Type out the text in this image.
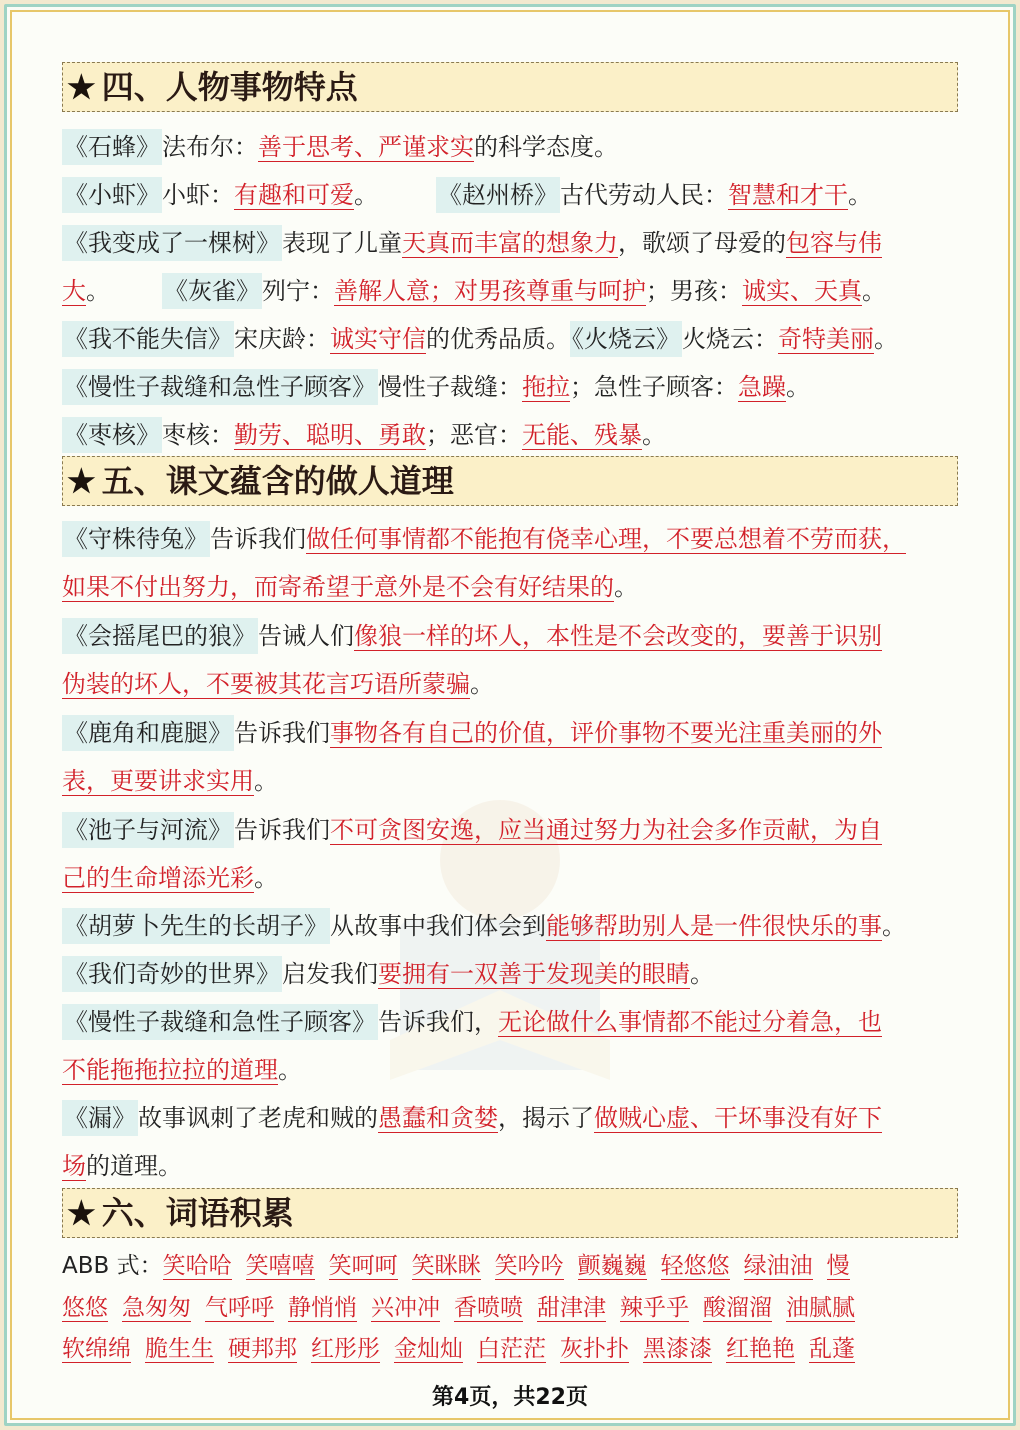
★ 四、人物事物特点
《石蜂》法布尔：善于思考、严谨求实的科学态度。
《小虾》小虾：有趣和可爱。	《赵州桥》古代劳动人民：智慧和才干。
《我变成了一棵树》表现了儿童天真而丰富的想象力，歌颂了母爱的包容与伟
大。 《灰雀》列宁：善解人意；对男孩尊重与呵护；男孩：诚实、天真。
《我不能失信》宋庆龄：诚实守信的优秀品质。《火烧云》火烧云：奇特美丽。
《慢性子裁缝和急性子顾客》慢性子裁缝：拖拉；急性子顾客：急躁。
《枣核》枣核：勤劳、聪明、勇敢；恶官：无能、残暴。
★ 五、课文蕴含的做人道理
《守株待兔》告诉我们做任何事情都不能抱有侥幸心理，不要总想着不劳而获，
如果不付出努力，而寄希望于意外是不会有好结果的。
《会摇尾巴的狼》告诫人们像狼一样的坏人，本性是不会改变的，要善于识别
伪装的坏人，不要被其花言巧语所蒙骗。
《鹿角和鹿腿》告诉我们事物各有自己的价值，评价事物不要光注重美丽的外
表，更要讲求实用。
《池子与河流》告诉我们不可贪图安逸，应当通过努力为社会多作贡献，为自
己的生命增添光彩。
《胡萝卜先生的长胡子》从故事中我们体会到能够帮助别人是一件很快乐的事。
《我们奇妙的世界》启发我们要拥有一双善于发现美的眼睛。
《慢性子裁缝和急性子顾客》告诉我们，无论做什么事情都不能过分着急，也
不能拖拖拉拉的道理。
《漏》故事讽刺了老虎和贼的愚蠢和贪婪，揭示了做贼心虚、干坏事没有好下
场的道理。
★ 六、词语积累
ABB 式：笑哈哈 笑嘻嘻 笑呵呵 笑眯眯 笑吟吟 颤巍巍 轻悠悠 绿油油 慢
悠悠 急匆匆 气呼呼 静悄悄 兴冲冲 香喷喷 甜津津 辣乎乎 酸溜溜 油腻腻
软绵绵 脆生生 硬邦邦 红彤彤 金灿灿 白茫茫 灰扑扑 黑漆漆 红艳艳 乱蓬
第4页，共22页
